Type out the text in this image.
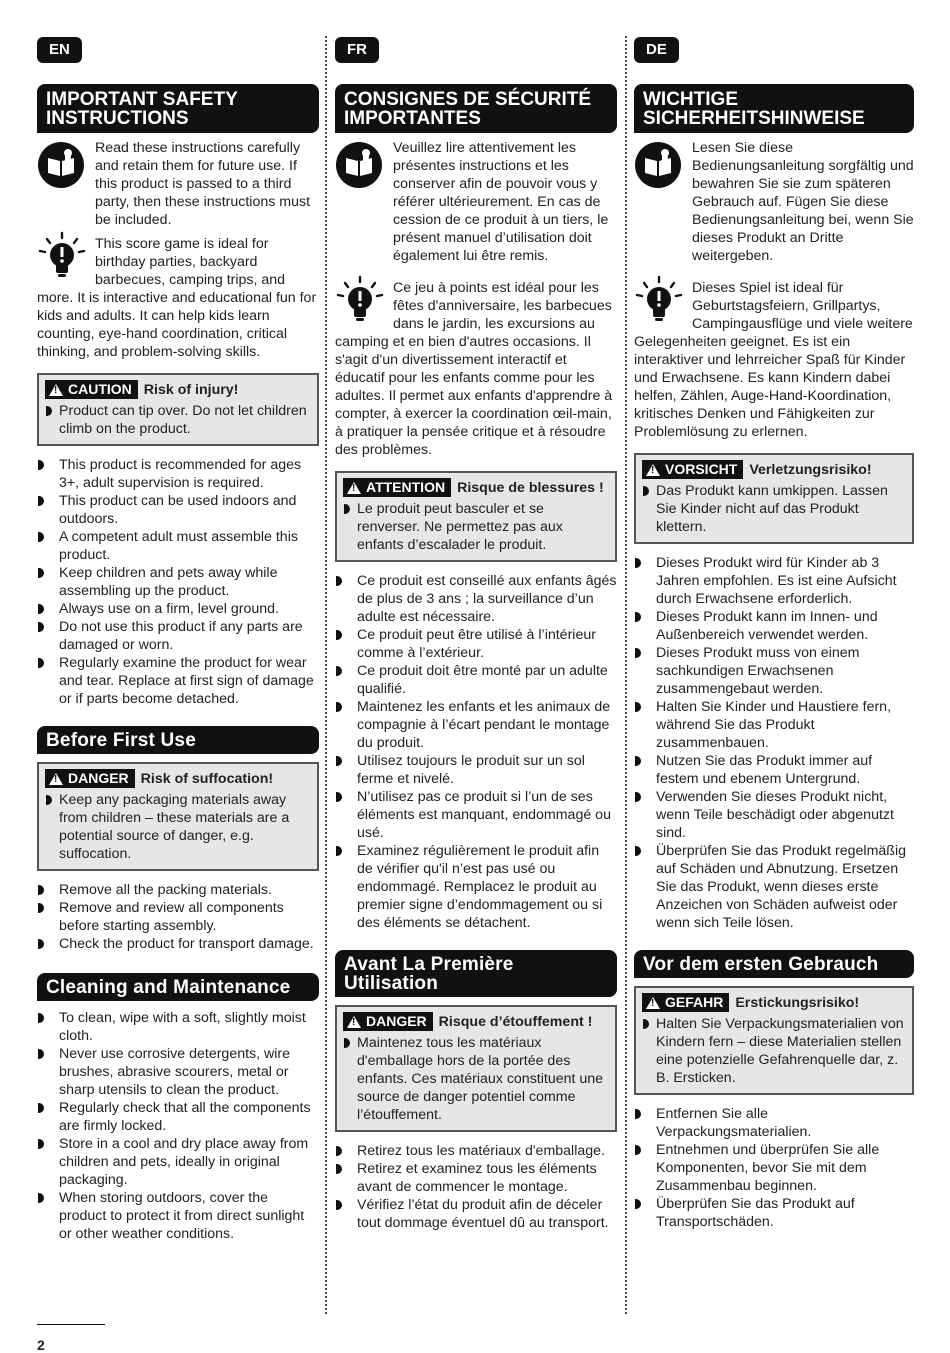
EN
IMPORTANT SAFETY INSTRUCTIONS
Read these instructions carefully and retain them for future use. If this product is passed to a third party, then these instructions must be included.
This score game is ideal for birthday parties, backyard barbecues, camping trips, and more. It is interactive and educational fun for kids and adults. It can help kids learn counting, eye-hand coordination, critical thinking, and problem-solving skills.
!
CAUTION Risk of injury!
Product can tip over. Do not let children climb on the product.
This product is recommended for ages 3+, adult supervision is required.
This product can be used indoors and outdoors.
A competent adult must assemble this product.
Keep children and pets away while assembling up the product.
Always use on a firm, level ground.
Do not use this product if any parts are damaged or worn.
Regularly examine the product for wear and tear. Replace at first sign of damage or if parts become detached.
Before First Use
!
DANGER Risk of suffocation!
Keep any packaging materials away from children – these materials are a potential source of danger, e.g. suffocation.
Remove all the packing materials.
Remove and review all components before starting assembly.
Check the product for transport damage.
Cleaning and Maintenance
To clean, wipe with a soft, slightly moist cloth.
Never use corrosive detergents, wire brushes, abrasive scourers, metal or sharp utensils to clean the product.
Regularly check that all the components are firmly locked.
Store in a cool and dry place away from children and pets, ideally in original packaging.
When storing outdoors, cover the product to protect it from direct sunlight or other weather conditions.
FR
CONSIGNES DE SÉCURITÉ IMPORTANTES
Veuillez lire attentivement les présentes instructions et les conserver afin de pouvoir vous y référer ultérieurement. En cas de cession de ce produit à un tiers, le présent manuel d’utilisation doit également lui être remis.
Ce jeu à points est idéal pour les fêtes d'anniversaire, les barbecues dans le jardin, les excursions au camping et en bien d'autres occasions. Il s'agit d'un divertissement interactif et éducatif pour les enfants comme pour les adultes. Il permet aux enfants d'apprendre à compter, à exercer la coordination œil-main, à pratiquer la pensée critique et à résoudre des problèmes.
!
ATTENTION Risque de blessures !
Le produit peut basculer et se renverser. Ne permettez pas aux enfants d’escalader le produit.
Ce produit est conseillé aux enfants âgés de plus de 3 ans ; la surveillance d’un adulte est nécessaire.
Ce produit peut être utilisé à l’intérieur comme à l’extérieur.
Ce produit doit être monté par un adulte qualifié.
Maintenez les enfants et les animaux de compagnie à l’écart pendant le montage du produit.
Utilisez toujours le produit sur un sol ferme et nivelé.
N’utilisez pas ce produit si l’un de ses éléments est manquant, endommagé ou usé.
Examinez régulièrement le produit afin de vérifier qu'il n’est pas usé ou endommagé. Remplacez le produit au premier signe d’endommagement ou si des éléments se détachent.
Avant La Première Utilisation
!
DANGER Risque d’étouffement !
Maintenez tous les matériaux d'emballage hors de la portée des enfants. Ces matériaux constituent une source de danger potentiel comme l’étouffement.
Retirez tous les matériaux d'emballage.
Retirez et examinez tous les éléments avant de commencer le montage.
Vérifiez l’état du produit afin de déceler tout dommage éventuel dû au transport.
DE
WICHTIGE SICHERHEITSHINWEISE
Lesen Sie diese Bedienungsanleitung sorgfältig und bewahren Sie sie zum späteren Gebrauch auf. Fügen Sie diese Bedienungsanleitung bei, wenn Sie dieses Produkt an Dritte weitergeben.
Dieses Spiel ist ideal für Geburtstagsfeiern, Grillpartys, Campingausflüge und viele weitere Gelegenheiten geeignet. Es ist ein interaktiver und lehrreicher Spaß für Kinder und Erwachsene. Es kann Kindern dabei helfen, Zählen, Auge-Hand-Koordination, kritisches Denken und Fähigkeiten zur Problemlösung zu erlernen.
!
VORSICHT Verletzungsrisiko!
Das Produkt kann umkippen. Lassen Sie Kinder nicht auf das Produkt klettern.
Dieses Produkt wird für Kinder ab 3 Jahren empfohlen. Es ist eine Aufsicht durch Erwachsene erforderlich.
Dieses Produkt kann im Innen- und Außenbereich verwendet werden.
Dieses Produkt muss von einem sachkundigen Erwachsenen zusammengebaut werden.
Halten Sie Kinder und Haustiere fern, während Sie das Produkt zusammenbauen.
Nutzen Sie das Produkt immer auf festem und ebenem Untergrund.
Verwenden Sie dieses Produkt nicht, wenn Teile beschädigt oder abgenutzt sind.
Überprüfen Sie das Produkt regelmäßig auf Schäden und Abnutzung. Ersetzen Sie das Produkt, wenn dieses erste Anzeichen von Schäden aufweist oder wenn sich Teile lösen.
Vor dem ersten Gebrauch
!
GEFAHR Erstickungsrisiko!
Halten Sie Verpackungsmaterialien von Kindern fern – diese Materialien stellen eine potenzielle Gefahrenquelle dar, z. B. Ersticken.
Entfernen Sie alle Verpackungsmaterialien.
Entnehmen und überprüfen Sie alle Komponenten, bevor Sie mit dem Zusammenbau beginnen.
Überprüfen Sie das Produkt auf Transportschäden.
2
